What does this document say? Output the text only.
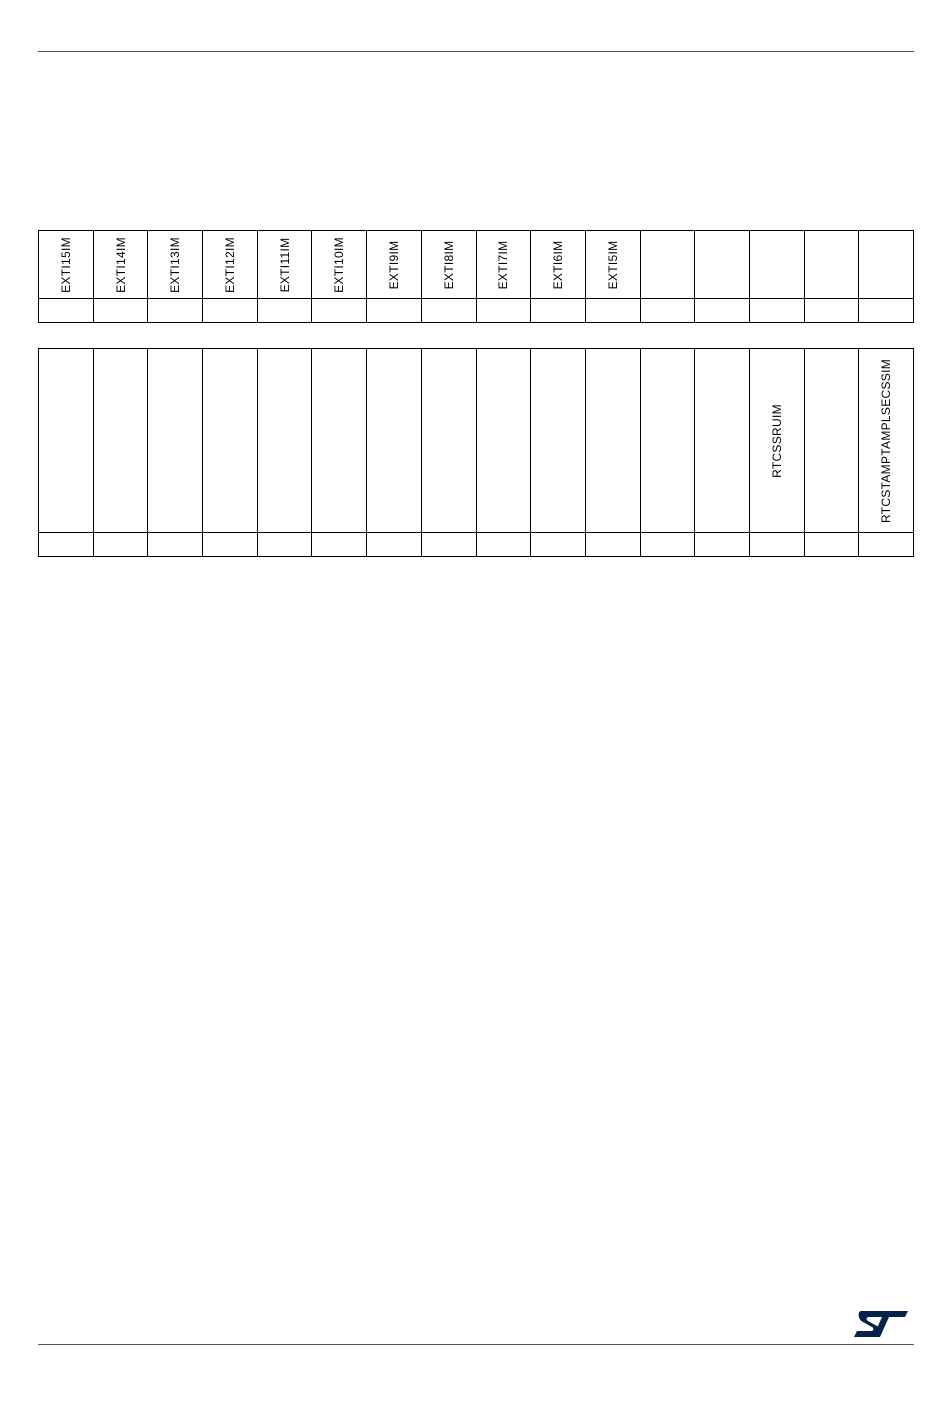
EXTI15IM	EXTI14IM	EXTI13IM	EXTI12IM	EXTI11IM	EXTI10IM	EXTI9IM	EXTI8IM	EXTI7IM	EXTI6IM	EXTI5IM					

													RTCSSRUIM		RTCSTAMPTAMPLSECSSIM
